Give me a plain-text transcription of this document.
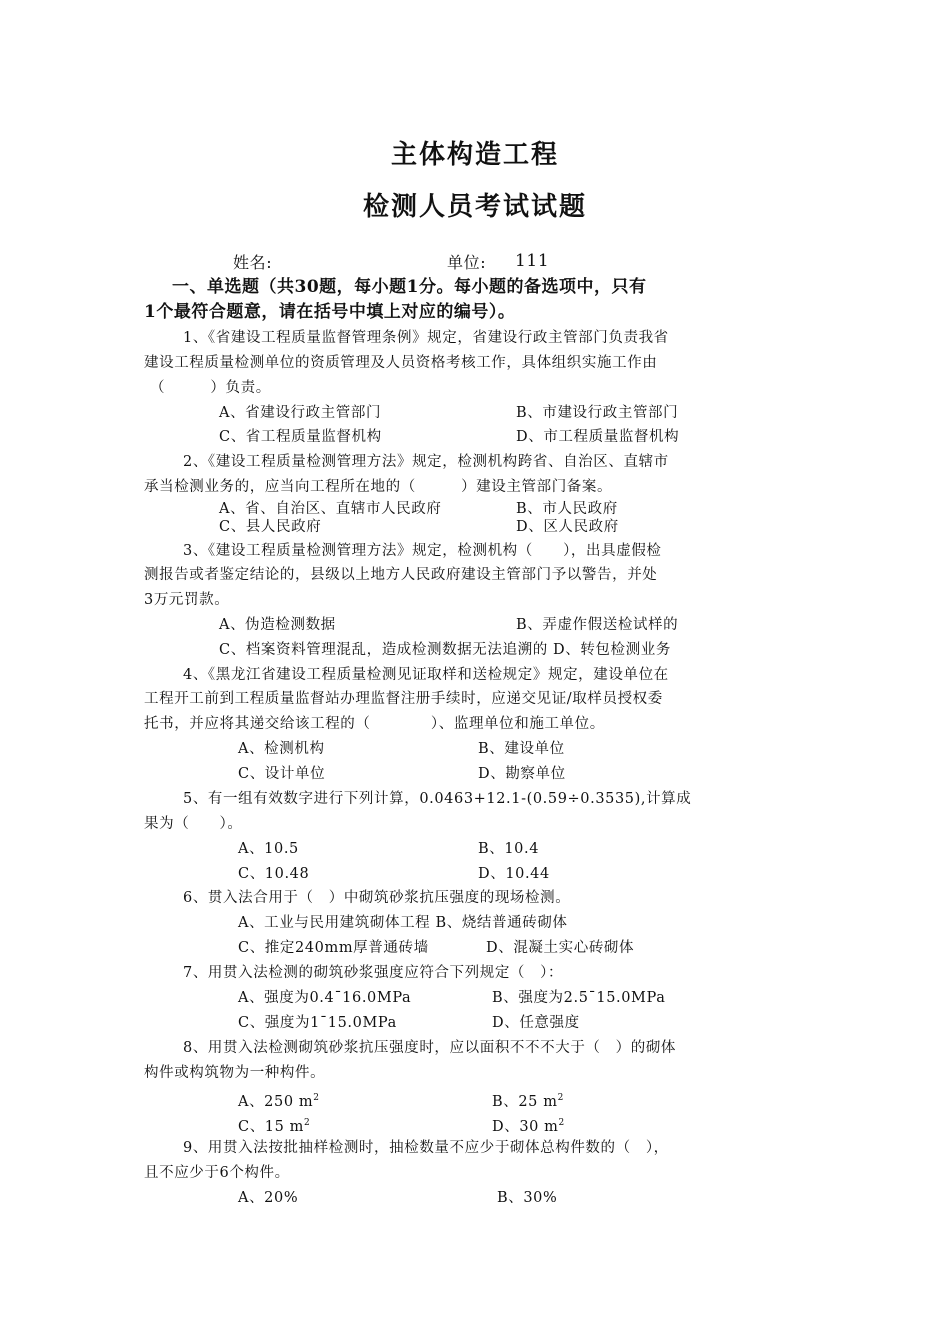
主体构造工程
检测人员考试试题
姓名:	单位: 111
一、单选题（共30题，每小题1分。每小题的备选项中，只有
1个最符合题意，请在括号中填上对应的编号）。
1、《省建设工程质量监督管理条例》规定，省建设行政主管部门负责我省
建设工程质量检测单位的资质管理及人员资格考核工作，具体组织实施工作由
（　　　）负责。
A、省建设行政主管部门	B、市建设行政主管部门
C、省工程质量监督机构	D、市工程质量监督机构
2、《建设工程质量检测管理方法》规定，检测机构跨省、自治区、直辖市
承当检测业务的，应当向工程所在地的（　　　）建设主管部门备案。
A、省、自治区、直辖市人民政府	B、市人民政府
C、县人民政府	D、区人民政府
3、《建设工程质量检测管理方法》规定，检测机构（　　），出具虚假检
测报告或者鉴定结论的，县级以上地方人民政府建设主管部门予以警告，并处
3万元罚款。
A、伪造检测数据	B、弄虚作假送检试样的
C、档案资料管理混乱，造成检测数据无法追溯的 D、转包检测业务
4、《黑龙江省建设工程质量检测见证取样和送检规定》规定，建设单位在
工程开工前到工程质量监督站办理监督注册手续时，应递交见证/取样员授权委
托书，并应将其递交给该工程的（　　　　）、监理单位和施工单位。
A、检测机构	B、建设单位
C、设计单位	D、勘察单位
5、有一组有效数字进行下列计算，0.0463+12.1-(0.59÷0.3535),计算成
果为（　　）。
A、10.5	B、10.4
C、10.48	D、10.44
6、贯入法合用于（　）中砌筑砂浆抗压强度的现场检测。
A、工业与民用建筑砌体工程 B、烧结普通砖砌体
C、推定240mm厚普通砖墙	D、混凝土实心砖砌体
7、用贯入法检测的砌筑砂浆强度应符合下列规定（　）：
A、强度为0.4¯16.0MPa	B、强度为2.5¯15.0MPa
C、强度为1¯15.0MPa	D、任意强度
8、用贯入法检测砌筑砂浆抗压强度时，应以面积不不不大于（　）的砌体
构件或构筑物为一种构件。
A、250 $m^2$	B、25 $m^2$
C、15 $m^2$	D、30 $m^2$
9、用贯入法按批抽样检测时，抽检数量不应少于砌体总构件数的（　），
且不应少于6个构件。
A、20%	B、30%
